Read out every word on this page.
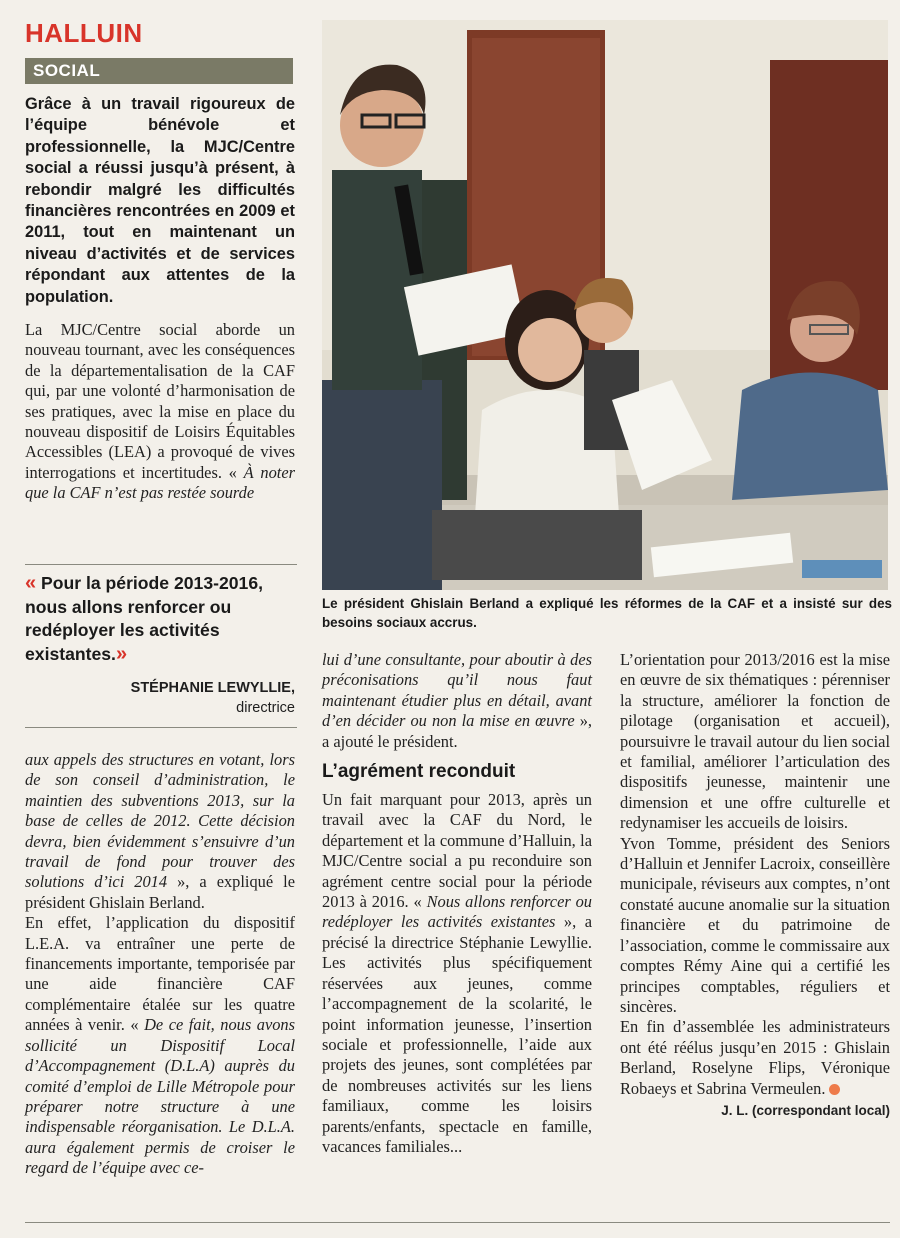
HALLUIN
SOCIAL
Grâce à un travail rigoureux de l’équipe bénévole et professionnelle, la MJC/Centre social a réussi jusqu’à présent, à rebondir malgré les difficultés financières rencontrées en 2009 et 2011, tout en maintenant un niveau d’activités et de services répondant aux attentes de la population.
La MJC/Centre social aborde un nouveau tournant, avec les conséquences de la départementalisation de la CAF qui, par une volonté d’harmonisation de ses pratiques, avec la mise en place du nouveau dispositif de Loisirs Équitables Accessibles (LEA) a provoqué de vives interrogations et incertitudes. « À noter que la CAF n’est pas restée sourde
« Pour la période 2013-2016, nous allons renforcer ou redéployer les activités existantes.»
STÉPHANIE LEWYLLIE,
directrice

aux appels des structures en votant, lors de son conseil d’administration, le maintien des subventions 2013, sur la base de celles de 2012. Cette décision devra, bien évidemment s’ensuivre d’un travail de fond pour trouver des solutions d’ici 2014 », a expliqué le président Ghislain Berland.

En effet, l’application du dispositif L.E.A. va entraîner une perte de financements importante, temporisée par une aide financière CAF complémentaire étalée sur les quatre années à venir. « De ce fait, nous avons sollicité un Dispositif Local d’Accompagnement (D.L.A) auprès du comité d’emploi de Lille Métropole pour préparer notre structure à une indispensable réorganisation. Le D.L.A. aura également permis de croiser le regard de l’équipe avec ce-

Le président Ghislain Berland a expliqué les réformes de la CAF et a insisté sur des besoins sociaux accrus.

lui d’une consultante, pour aboutir à des préconisations qu’il nous faut maintenant étudier plus en détail, avant d’en décider ou non la mise en œuvre », a ajouté le président.

L’agrément reconduit

Un fait marquant pour 2013, après un travail avec la CAF du Nord, le département et la commune d’Halluin, la MJC/Centre social a pu reconduire son agrément centre social pour la période 2013 à 2016. « Nous allons renforcer ou redéployer les activités existantes », a précisé la directrice Stéphanie Lewyllie. Les activités plus spécifiquement réservées aux jeunes, comme l’accompagnement de la scolarité, le point information jeunesse, l’insertion sociale et professionnelle, l’aide aux projets des jeunes, sont complétées par de nombreuses activités sur les liens familiaux, comme les loisirs parents/enfants, spectacle en famille, vacances familiales...

L’orientation pour 2013/2016 est la mise en œuvre de six thématiques : pérenniser la structure, améliorer la fonction de pilotage (organisation et accueil), poursuivre le travail autour du lien social et familial, améliorer l’articulation des dispositifs jeunesse, maintenir une dimension et une offre culturelle et redynamiser les accueils de loisirs.

Yvon Tomme, président des Seniors d’Halluin et Jennifer Lacroix, conseillère municipale, réviseurs aux comptes, n’ont constaté aucune anomalie sur la situation financière et du patrimoine de l’association, comme le commissaire aux comptes Rémy Aine qui a certifié les principes comptables, réguliers et sincères.

En fin d’assemblée les administrateurs ont été réélus jusqu’en 2015 : Ghislain Berland, Roselyne Flips, Véronique Robaeys et Sabrina Vermeulen.

J. L. (correspondant local)
